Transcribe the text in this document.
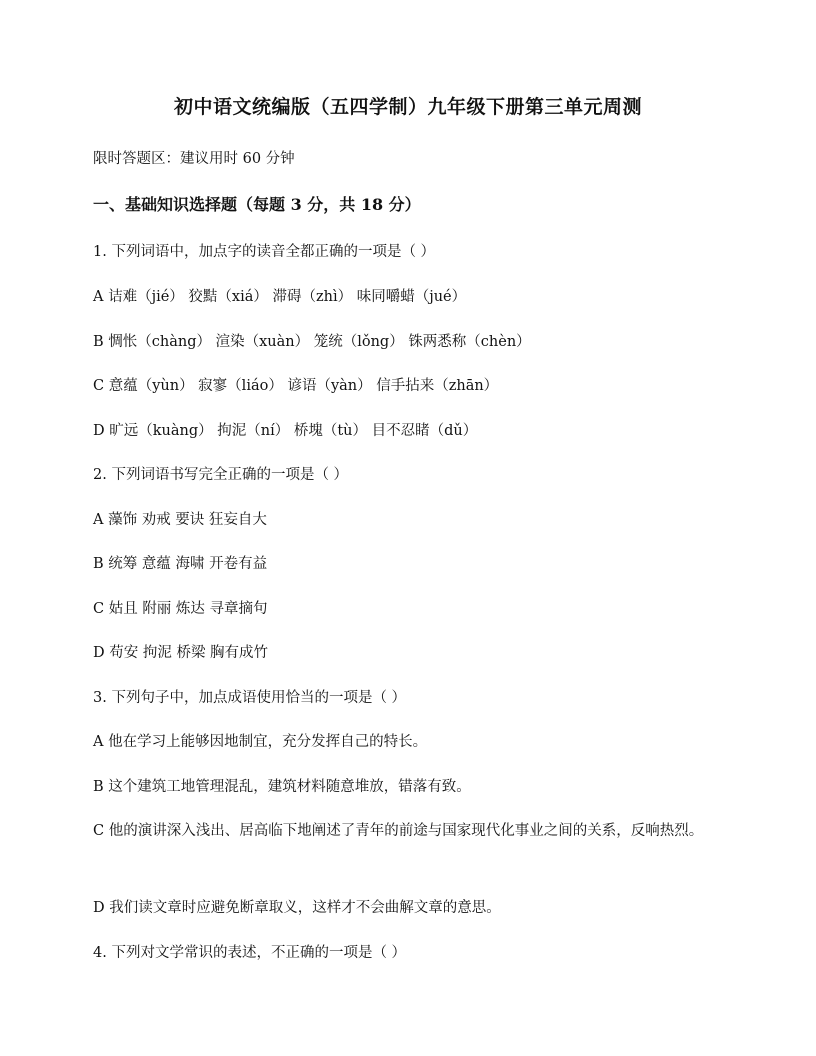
初中语文统编版（五四学制）九年级下册第三单元周测
限时答题区：建议用时 60 分钟
一、基础知识选择题（每题 3 分，共 18 分）
1. 下列词语中，加点字的读音全都正确的一项是（ ）
A 诘难（jié） 狡黠（xiá） 滞碍（zhì） 味同嚼蜡（jué）
B 惆怅（chàng） 渲染（xuàn） 笼统（lǒng） 铢两悉称（chèn）
C 意蕴（yùn） 寂寥（liáo） 谚语（yàn） 信手拈来（zhān）
D 旷远（kuàng） 拘泥（ní） 桥塊（tù） 目不忍睹（dǔ）
2. 下列词语书写完全正确的一项是（ ）
A 藻饰 劝戒 要诀 狂妄自大
B 统筹 意蕴 海啸 开卷有益
C 姑且 附丽 炼达 寻章摘句
D 苟安 拘泥 桥梁 胸有成竹
3. 下列句子中，加点成语使用恰当的一项是（ ）
A 他在学习上能够因地制宜，充分发挥自己的特长。
B 这个建筑工地管理混乱，建筑材料随意堆放，错落有致。
C 他的演讲深入浅出、居高临下地阐述了青年的前途与国家现代化事业之间的关系，反响热烈。
D 我们读文章时应避免断章取义，这样才不会曲解文章的意思。
4. 下列对文学常识的表述，不正确的一项是（ ）
